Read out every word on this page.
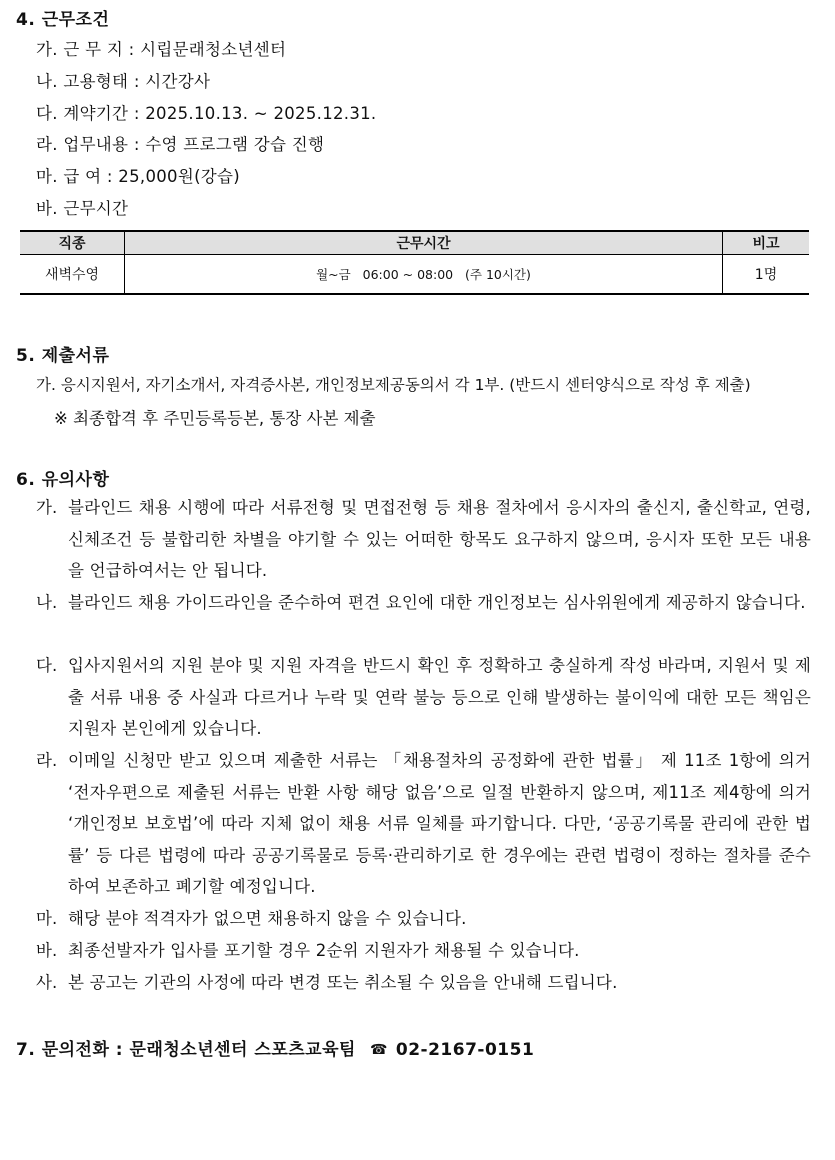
4. 근무조건
가. 근 무 지 : 시립문래청소년센터
나. 고용형태 : 시간강사
다. 계약기간 : 2025.10.13. ~ 2025.12.31.
라. 업무내용 : 수영 프로그램 강습 진행
마. 급 여 : 25,000원(강습)
바. 근무시간
직종	근무시간	비고
새벽수영	월~금   06:00 ~ 08:00   (주 10시간)	1명
5. 제출서류
가. 응시지원서, 자기소개서, 자격증사본, 개인정보제공동의서 각 1부. (반드시 센터양식으로 작성 후 제출)
※ 최종합격 후 주민등록등본, 통장 사본 제출
6. 유의사항
가. 블라인드 채용 시행에 따라 서류전형 및 면접전형 등 채용 절차에서 응시자의 출신지, 출신학교, 연령, 신체조건 등 불합리한 차별을 야기할 수 있는 어떠한 항목도 요구하지 않으며, 응시자 또한 모든 내용을 언급하여서는 안 됩니다.
나. 블라인드 채용 가이드라인을 준수하여 편견 요인에 대한 개인정보는 심사위원에게 제공하지 않습니다.
다. 입사지원서의 지원 분야 및 지원 자격을 반드시 확인 후 정확하고 충실하게 작성 바라며, 지원서 및 제출 서류 내용 중 사실과 다르거나 누락 및 연락 불능 등으로 인해 발생하는 불이익에 대한 모든 책임은 지원자 본인에게 있습니다.
라. 이메일 신청만 받고 있으며 제출한 서류는 「채용절차의 공정화에 관한 법률」 제 11조 1항에 의거 ‘전자우편으로 제출된 서류는 반환 사항 해당 없음’으로 일절 반환하지 않으며, 제11조 제4항에 의거 ‘개인정보 보호법’에 따라 지체 없이 채용 서류 일체를 파기합니다. 다만, ‘공공기록물 관리에 관한 법률’ 등 다른 법령에 따라 공공기록물로 등록·관리하기로 한 경우에는 관련 법령이 정하는 절차를 준수하여 보존하고 폐기할 예정입니다.
마. 해당 분야 적격자가 없으면 채용하지 않을 수 있습니다.
바. 최종선발자가 입사를 포기할 경우 2순위 지원자가 채용될 수 있습니다.
사. 본 공고는 기관의 사정에 따라 변경 또는 취소될 수 있음을 안내해 드립니다.
7. 문의전화 : 문래청소년센터 스포츠교육팀 ☎ 02-2167-0151
